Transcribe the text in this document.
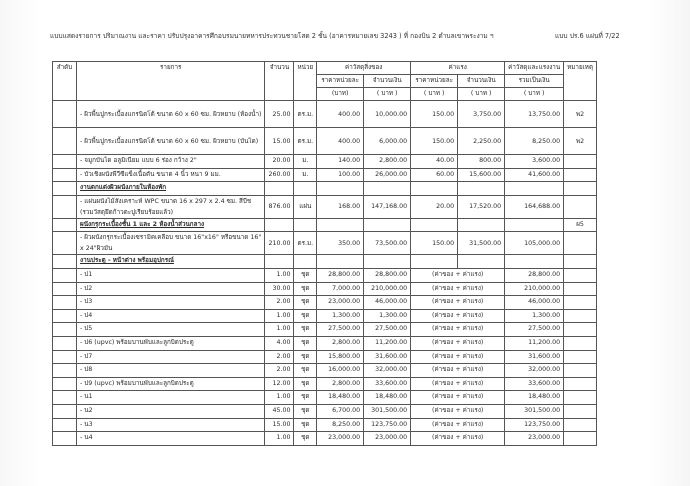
แบบแสดงรายการ ปริมาณงาน และราคา ปรับปรุงอาคารศึกอบรมนายทหารประทวนชายโสด 2 ชั้น (อาคารหมายเลข 3243 ) ที่ กองบิน 2 ตำบลเขาพระงาม ฯ	แบบ ปร.6 แผ่นที่ 7/22
ลำดับ	รายการ	จำนวน	หน่วย	ค่าวัสดุสิ่งของ		ค่าแรง		ค่าวัสดุและแรงงาน	หมายเหตุ
				ราคาหน่วยละ	จำนวนเงิน	ราคาหน่วยละ	จำนวนเงิน	รวมเป็นเงิน	
				(บาท)	( บาท )	( บาท )	( บาท )	( บาท )	
	- ผิวพื้นปูกระเบื้องแกรนิตโต้ ขนาด 60 x 60 ซม. ผิวหยาบ (ห้องน้ำ)	25.00	ตร.ม.	400.00	10,000.00	150.00	3,750.00	13,750.00	พ2
	- ผิวพื้นปูกระเบื้องแกรนิตโต้ ขนาด 60 x 60 ซม. ผิวหยาบ (บันได)	15.00	ตร.ม.	400.00	6,000.00	150.00	2,250.00	8,250.00	พ2
	- จมูกบันได อลูมิเนียม แบบ 6 ร่อง กว้าง 2"	20.00	ม.	140.00	2,800.00	40.00	800.00	3,600.00	
	- บัวเชิงผนังพีวีซีแข็งเนื้อตัน ขนาด 4 นิ้ว หนา 9 มม.	260.00	ม.	100.00	26,000.00	60.00	15,600.00	41,600.00	
	งานตกแต่งผิวผนังภายในห้องพัก								
	- แผ่นผนังไม้สังเคราะห์ WPC ขนาด 16 x 297 x 2.4 ซม. สีบีช (รวมวัสดุยึดก้าวตะปูเรียบร้อยแล้ว)	876.00	แผ่น	168.00	147,168.00	20.00	17,520.00	164,688.00	
	ผนังกรุกระเบื้องชั้น 1 และ 2 ห้องน้ำส่วนกลาง								ผ5
	- ผิวผนังกรุกระเบื้องเซรามิคเคลือบ ขนาด 16"x16" หรือขนาด 16" x 24"ผิวมัน	210.00	ตร.ม.	350.00	73,500.00	150.00	31,500.00	105,000.00	
	งานประตู - หน้าต่าง พร้อมอุปกรณ์								
	- ป1	1.00	ชุด	28,800.00	28,800.00	(ค่าของ + ค่าแรง)		28,800.00	
	- ป2	30.00	ชุด	7,000.00	210,000.00	(ค่าของ + ค่าแรง)		210,000.00	
	- ป3	2.00	ชุด	23,000.00	46,000.00	(ค่าของ + ค่าแรง)		46,000.00	
	- ป4	1.00	ชุด	1,300.00	1,300.00	(ค่าของ + ค่าแรง)		1,300.00	
	- ป5	1.00	ชุด	27,500.00	27,500.00	(ค่าของ + ค่าแรง)		27,500.00	
	- ป6 (upvc) พร้อมบานพับและลูกบิดประตู	4.00	ชุด	2,800.00	11,200.00	(ค่าของ + ค่าแรง)		11,200.00	
	- ป7	2.00	ชุด	15,800.00	31,600.00	(ค่าของ + ค่าแรง)		31,600.00	
	- ป8	2.00	ชุด	16,000.00	32,000.00	(ค่าของ + ค่าแรง)		32,000.00	
	- ป9 (upvc) พร้อมบานพับและลูกบิดประตู	12.00	ชุด	2,800.00	33,600.00	(ค่าของ + ค่าแรง)		33,600.00	
	- น1	1.00	ชุด	18,480.00	18,480.00	(ค่าของ + ค่าแรง)		18,480.00	
	- น2	45.00	ชุด	6,700.00	301,500.00	(ค่าของ + ค่าแรง)		301,500.00	
	- น3	15.00	ชุด	8,250.00	123,750.00	(ค่าของ + ค่าแรง)		123,750.00	
	- น4	1.00	ชุด	23,000.00	23,000.00	(ค่าของ + ค่าแรง)		23,000.00	
